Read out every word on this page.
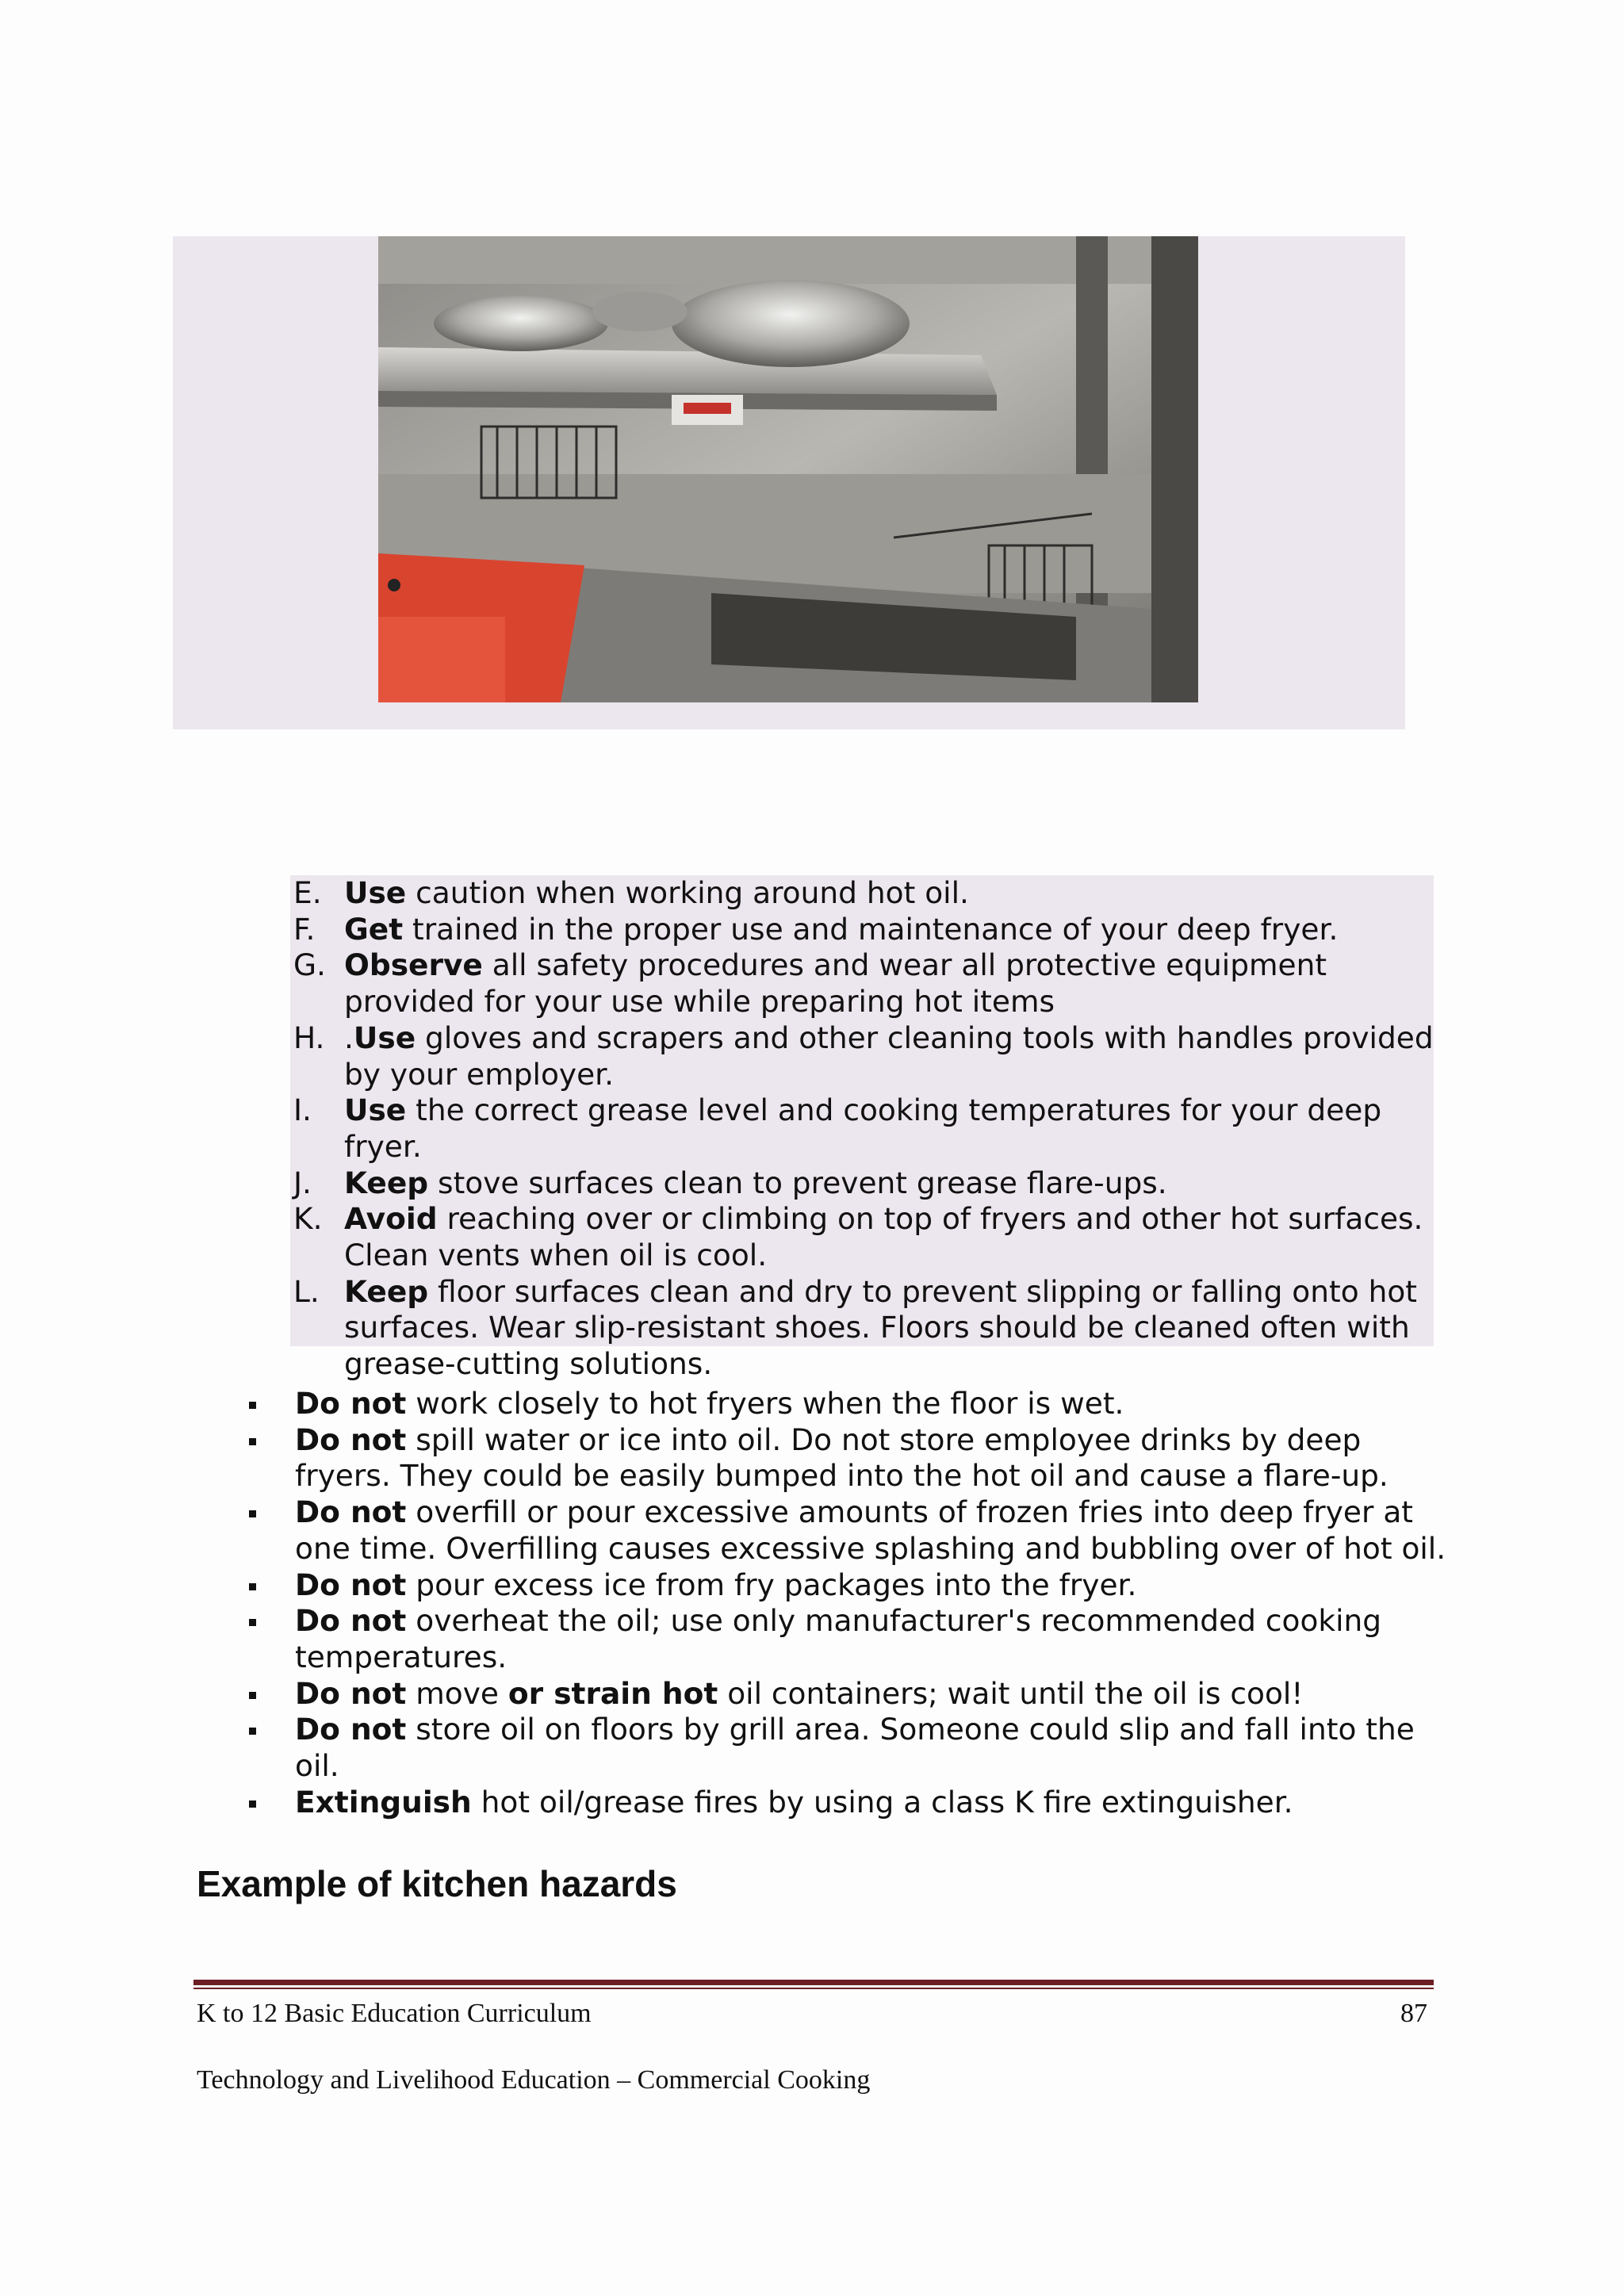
E. Use caution when working around hot oil.
F. Get trained in the proper use and maintenance of your deep fryer.
G. Observe all safety procedures and wear all protective equipment provided for your use while preparing hot items
H. .Use gloves and scrapers and other cleaning tools with handles provided by your employer.
I. Use the correct grease level and cooking temperatures for your deep fryer.
J. Keep stove surfaces clean to prevent grease flare-ups.
K. Avoid reaching over or climbing on top of fryers and other hot surfaces. Clean vents when oil is cool.
L. Keep floor surfaces clean and dry to prevent slipping or falling onto hot surfaces. Wear slip-resistant shoes. Floors should be cleaned often with grease-cutting solutions.
Do not work closely to hot fryers when the floor is wet.
Do not spill water or ice into oil. Do not store employee drinks by deep fryers. They could be easily bumped into the hot oil and cause a flare-up.
Do not overfill or pour excessive amounts of frozen fries into deep fryer at one time. Overfilling causes excessive splashing and bubbling over of hot oil.
Do not pour excess ice from fry packages into the fryer.
Do not overheat the oil; use only manufacturer's recommended cooking temperatures.
Do not move or strain hot oil containers; wait until the oil is cool!
Do not store oil on floors by grill area. Someone could slip and fall into the oil.
Extinguish hot oil/grease fires by using a class K fire extinguisher.
Example of kitchen hazards
K to 12 Basic Education Curriculum	87
Technology and Livelihood Education – Commercial Cooking
